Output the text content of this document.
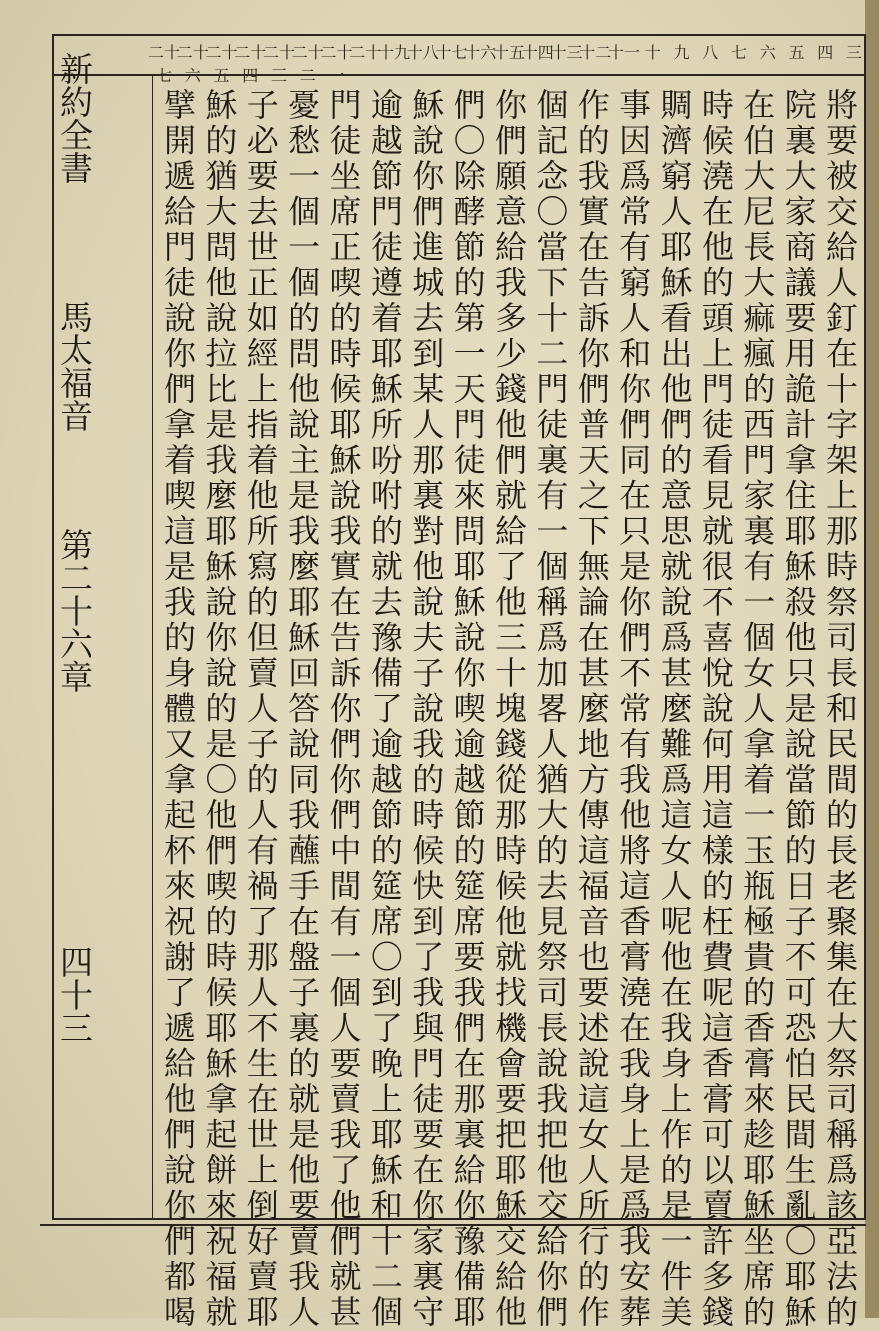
三
四
五
六
七
八
九
十
十一
十二
十三
十四
十五
十六
十七
十八
十九
二十
二十一
二十二
二十三
二十四
二十五
二十六
二十七
將要被交給人釘在十字架上那時祭司長和民間的長老聚集在大祭司稱爲該亞法的
院裏大家商議要用詭計拿住耶穌殺他只是說當節的日子不可恐怕民間生亂〇耶穌
在伯大尼長大痲瘋的西門家裏有一個女人拿着一玉瓶極貴的香膏來趁耶穌坐席的
時候澆在他的頭上門徒看見就很不喜悅說何用這樣的枉費呢這香膏可以賣許多錢
賙濟窮人耶穌看出他們的意思就說爲甚麼難爲這女人呢他在我身上作的是一件美
事因爲常有窮人和你們同在只是你們不常有我他將這香膏澆在我身上是爲我安葬
作的我實在告訴你們普天之下無論在甚麼地方傳這福音也要述說這女人所行的作
個記念〇當下十二門徒裏有一個稱爲加畧人猶大的去見祭司長說我把他交給你們
你們願意給我多少錢他們就給了他三十塊錢從那時候他就找機會要把耶穌交給他
們〇除酵節的第一天門徒來問耶穌說你喫逾越節的筵席要我們在那裏給你豫備耶
穌說你們進城去到某人那裏對他說夫子說我的時候快到了我與門徒要在你家裏守
逾越節門徒遵着耶穌所吩咐的就去豫備了逾越節的筵席〇到了晚上耶穌和十二個
門徒坐席正喫的時候耶穌說我實在告訴你們你們中間有一個人要賣我了他們就甚
憂愁一個一個的問他說主是我麼耶穌回答說同我蘸手在盤子裏的就是他要賣我人
子必要去世正如經上指着他所寫的但賣人子的人有禍了那人不生在世上倒好賣耶
穌的猶大問他說拉比是我麼耶穌說你說的是〇他們喫的時候耶穌拿起餅來祝福就
擘開遞給門徒說你們拿着喫這是我的身體又拿起杯來祝謝了遞給他們說你們都喝
新約全書
馬太福音
第二十六章
四十三
